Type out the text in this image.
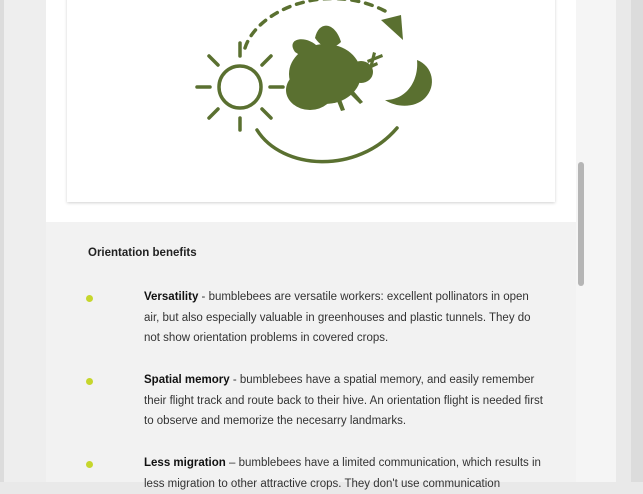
Orientation benefits
Versatility - bumblebees are versatile workers: excellent pollinators in open air, but also especially valuable in greenhouses and plastic tunnels. They do not show orientation problems in covered crops.
Spatial memory - bumblebees have a spatial memory, and easily remember their flight track and route back to their hive. An orientation flight is needed first to observe and memorize the necesarry landmarks.
Less migration – bumblebees have a limited communication, which results in less migration to other attractive crops. They don't use communication
